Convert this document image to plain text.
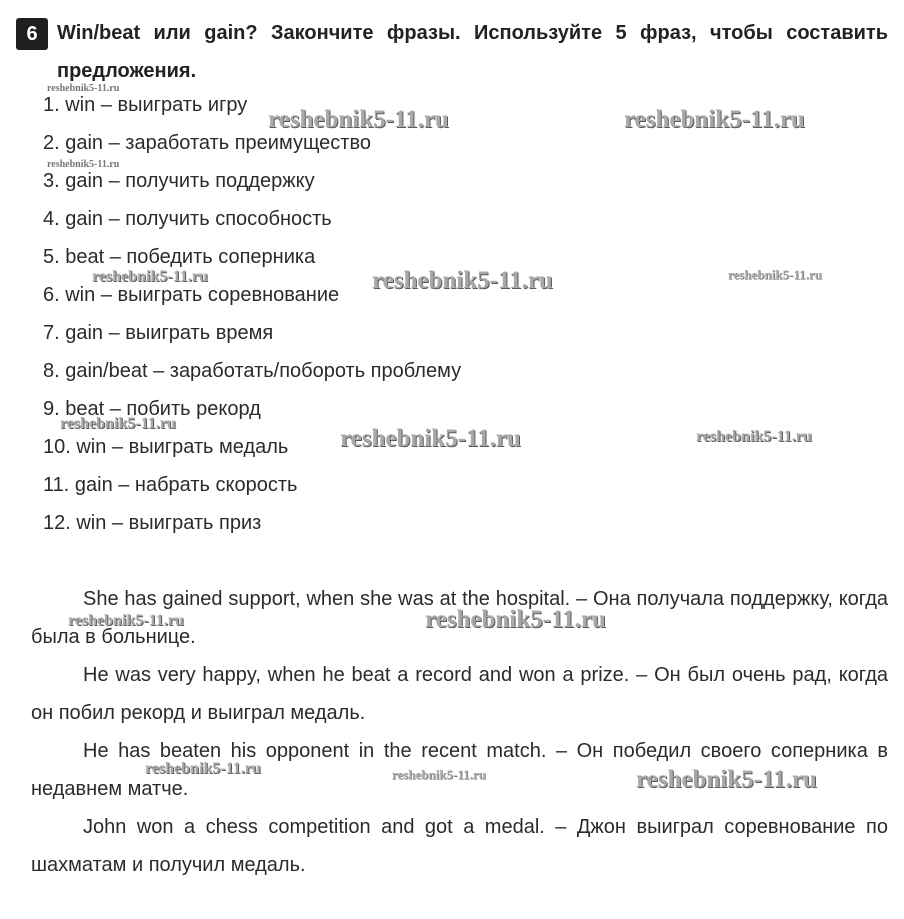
6 Win/beat или gain? Закончите фразы. Используйте 5 фраз, чтобы составить предложения.
1. win – выиграть игру
2. gain – заработать преимущество
3. gain – получить поддержку
4. gain – получить способность
5. beat – победить соперника
6. win – выиграть соревнование
7. gain – выиграть время
8. gain/beat – заработать/побороть проблему
9. beat – побить рекорд
10. win – выиграть медаль
11. gain – набрать скорость
12. win – выиграть приз

She has gained support, when she was at the hospital. – Она получала поддержку, когда была в больнице.

He was very happy, when he beat a record and won a prize. – Он был очень рад, когда он побил рекорд и выиграл медаль.

He has beaten his opponent in the recent match. – Он победил своего соперника в недавнем матче.

John won a chess competition and got a medal. – Джон выиграл соревнование по шахматам и получил медаль.

reshebnik5-11.ru
reshebnik5-11.ru	reshebnik5-11.ru
reshebnik5-11.ru
reshebnik5-11.ru	reshebnik5-11.ru	reshebnik5-11.ru
reshebnik5-11.ru
reshebnik5-11.ru	reshebnik5-11.ru
reshebnik5-11.ru	reshebnik5-11.ru
reshebnik5-11.ru	reshebnik5-11.ru	reshebnik5-11.ru
